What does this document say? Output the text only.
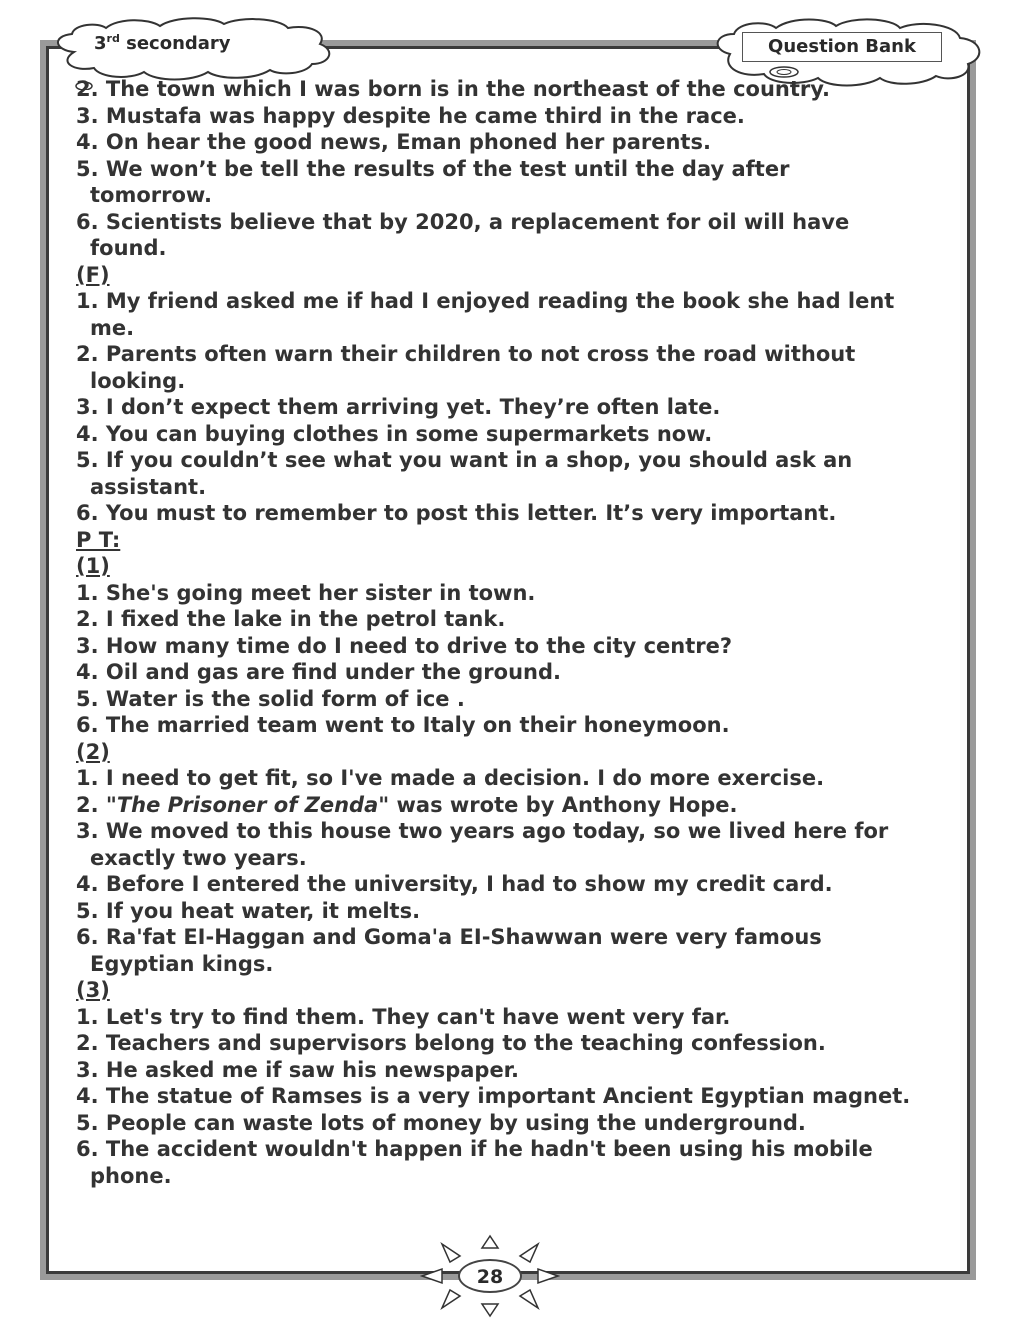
3rd secondary	Question Bank
2. The town which I was born is in the northeast of the country.
3. Mustafa was happy despite he came third in the race.
4. On hear the good news, Eman phoned her parents.
5. We won’t be tell the results of the test until the day after
tomorrow.
6. Scientists believe that by 2020, a replacement for oil will have
found.
(F)
1. My friend asked me if had I enjoyed reading the book she had lent
me.
2. Parents often warn their children to not cross the road without
looking.
3. I don’t expect them arriving yet. They’re often late.
4. You can buying clothes in some supermarkets now.
5. If you couldn’t see what you want in a shop, you should ask an
assistant.
6. You must to remember to post this letter. It’s very important.
P T:
(1)
1. She's going meet her sister in town.
2. I fixed the lake in the petrol tank.
3. How many time do I need to drive to the city centre?
4. Oil and gas are find under the ground.
5. Water is the solid form of ice .
6. The married team went to Italy on their honeymoon.
(2)
1. I need to get fit, so I've made a decision. I do more exercise.
2. "The Prisoner of Zenda" was wrote by Anthony Hope.
3. We moved to this house two years ago today, so we lived here for
exactly two years.
4. Before I entered the university, I had to show my credit card.
5. If you heat water, it melts.
6. Ra'fat EI-Haggan and Goma'a EI-Shawwan were very famous
Egyptian kings.
(3)
1. Let's try to find them. They can't have went very far.
2. Teachers and supervisors belong to the teaching confession.
3. He asked me if saw his newspaper.
4. The statue of Ramses is a very important Ancient Egyptian magnet.
5. People can waste lots of money by using the underground.
6. The accident wouldn't happen if he hadn't been using his mobile
phone.
28
